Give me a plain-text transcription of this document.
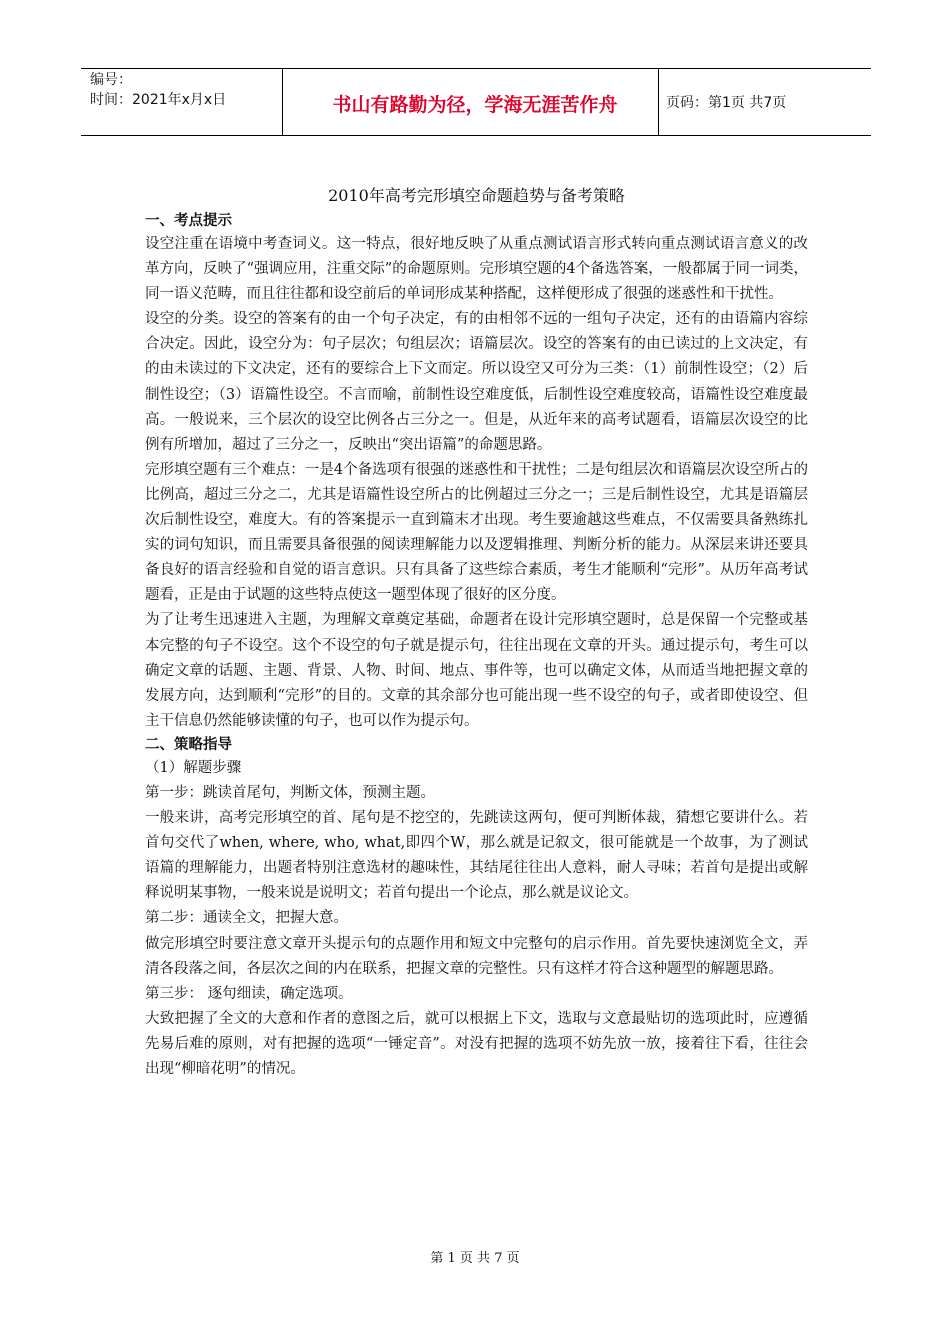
编号：
时间：2021年x月x日	书山有路勤为径，学海无涯苦作舟	页码：第1页 共7页
2010年高考完形填空命题趋势与备考策略
一、考点提示

设空注重在语境中考查词义。这一特点，很好地反映了从重点测试语言形式转向重点测试语言意义的改革方向，反映了“强调应用，注重交际”的命题原则。完形填空题的4个备选答案，一般都属于同一词类，同一语义范畴，而且往往都和设空前后的单词形成某种搭配，这样便形成了很强的迷惑性和干扰性。

设空的分类。设空的答案有的由一个句子决定，有的由相邻不远的一组句子决定，还有的由语篇内容综合决定。因此，设空分为：句子层次；句组层次；语篇层次。设空的答案有的由已读过的上文决定，有的由未读过的下文决定，还有的要综合上下文而定。所以设空又可分为三类：（1）前制性设空；（2）后制性设空；（3）语篇性设空。不言而喻，前制性设空难度低，后制性设空难度较高，语篇性设空难度最高。一般说来，三个层次的设空比例各占三分之一。但是，从近年来的高考试题看，语篇层次设空的比例有所增加，超过了三分之一，反映出“突出语篇”的命题思路。

完形填空题有三个难点：一是4个备选项有很强的迷惑性和干扰性；二是句组层次和语篇层次设空所占的比例高，超过三分之二，尤其是语篇性设空所占的比例超过三分之一；三是后制性设空，尤其是语篇层次后制性设空，难度大。有的答案提示一直到篇末才出现。考生要逾越这些难点，不仅需要具备熟练扎实的词句知识，而且需要具备很强的阅读理解能力以及逻辑推理、判断分析的能力。从深层来讲还要具备良好的语言经验和自觉的语言意识。只有具备了这些综合素质，考生才能顺利“完形”。从历年高考试题看，正是由于试题的这些特点使这一题型体现了很好的区分度。

为了让考生迅速进入主题，为理解文章奠定基础，命题者在设计完形填空题时，总是保留一个完整或基本完整的句子不设空。这个不设空的句子就是提示句，往往出现在文章的开头。通过提示句，考生可以确定文章的话题、主题、背景、人物、时间、地点、事件等，也可以确定文体，从而适当地把握文章的发展方向，达到顺利“完形”的目的。文章的其余部分也可能出现一些不设空的句子，或者即使设空、但主干信息仍然能够读懂的句子，也可以作为提示句。

二、策略指导

（1）解题步骤

第一步：跳读首尾句，判断文体，预测主题。

一般来讲，高考完形填空的首、尾句是不挖空的，先跳读这两句，便可判断体裁，猜想它要讲什么。若首句交代了when, where, who, what,即四个W，那么就是记叙文，很可能就是一个故事，为了测试语篇的理解能力，出题者特别注意选材的趣味性，其结尾往往出人意料，耐人寻味；若首句是提出或解释说明某事物，一般来说是说明文；若首句提出一个论点，那么就是议论文。

第二步：通读全文，把握大意。

做完形填空时要注意文章开头提示句的点题作用和短文中完整句的启示作用。首先要快速浏览全文，弄清各段落之间，各层次之间的内在联系，把握文章的完整性。只有这样才符合这种题型的解题思路。

第三步： 逐句细读，确定选项。

大致把握了全文的大意和作者的意图之后，就可以根据上下文，选取与文意最贴切的选项此时，应遵循先易后难的原则，对有把握的选项“一锤定音”。对没有把握的选项不妨先放一放，接着往下看，往往会出现“柳暗花明”的情况。

第 1 页 共 7 页
